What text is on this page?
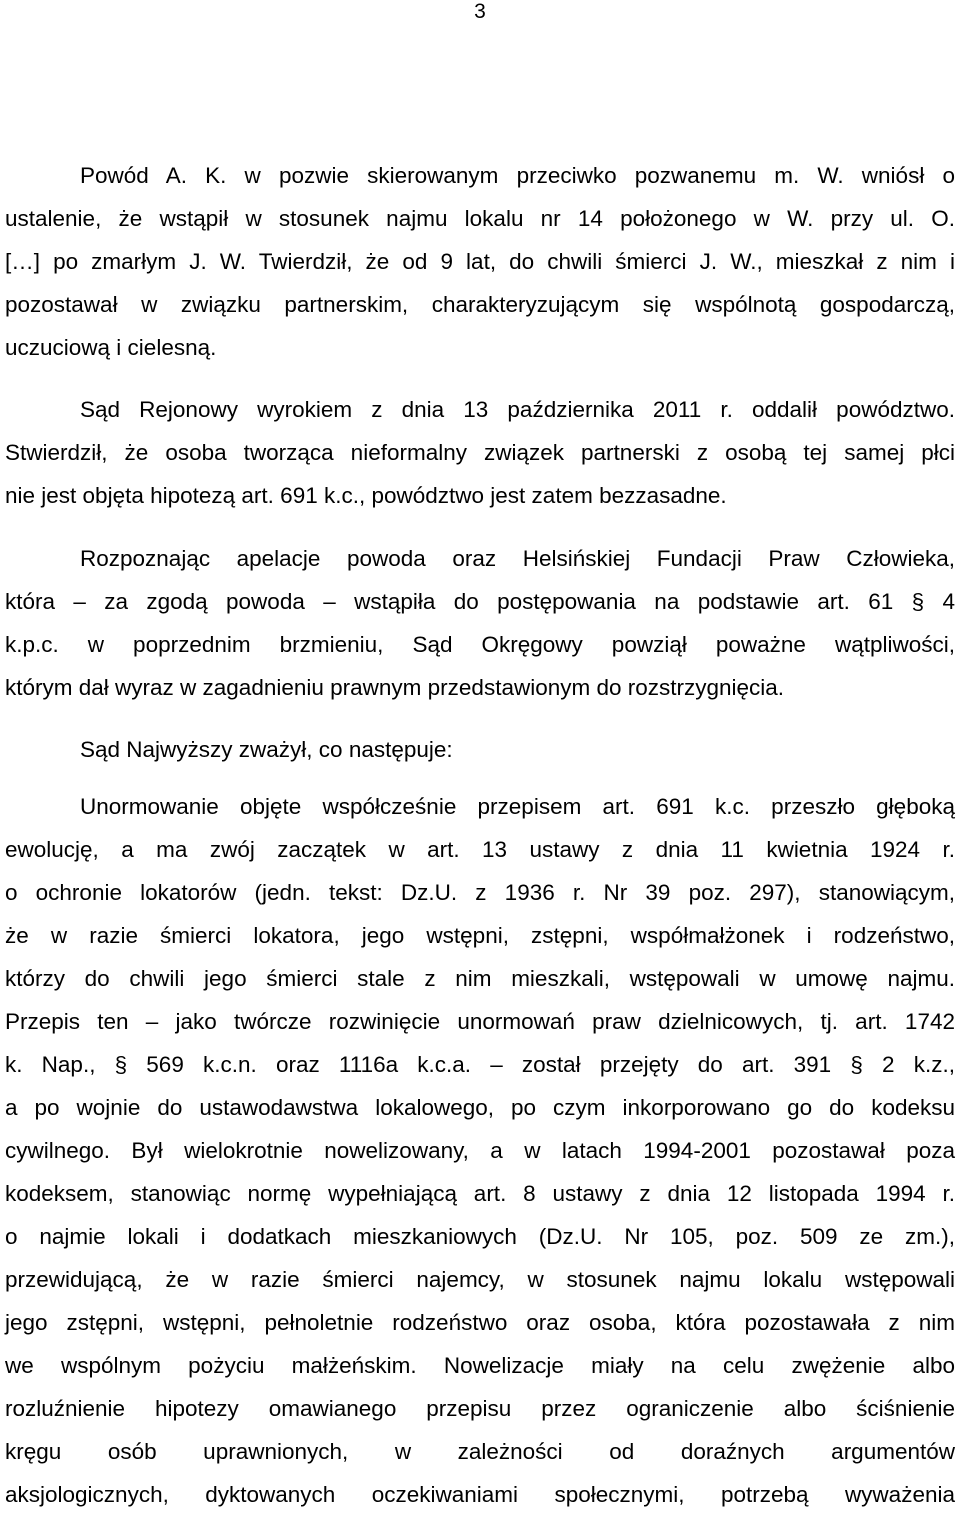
3
Powód A. K. w pozwie skierowanym przeciwko pozwanemu m. W. wniósł o
ustalenie, że wstąpił w stosunek najmu lokalu nr 14 położonego w W. przy ul. O.
[…] po zmarłym J. W. Twierdził, że od 9 lat, do chwili śmierci J. W., mieszkał z nim i
pozostawał w związku partnerskim, charakteryzującym się wspólnotą gospodarczą,
uczuciową i cielesną.
Sąd Rejonowy wyrokiem z dnia 13 października 2011 r. oddalił powództwo.
Stwierdził, że osoba tworząca nieformalny związek partnerski z osobą tej samej płci
nie jest objęta hipotezą art. 691 k.c., powództwo jest zatem bezzasadne.
Rozpoznając apelacje powoda oraz Helsińskiej Fundacji Praw Człowieka,
która – za zgodą powoda – wstąpiła do postępowania na podstawie art. 61 § 4
k.p.c. w poprzednim brzmieniu, Sąd Okręgowy powziął poważne wątpliwości,
którym dał wyraz w zagadnieniu prawnym przedstawionym do rozstrzygnięcia.
Sąd Najwyższy zważył, co następuje:
Unormowanie objęte współcześnie przepisem art. 691 k.c. przeszło głęboką
ewolucję, a ma zwój zaczątek w art. 13 ustawy z dnia 11 kwietnia 1924 r.
o ochronie lokatorów (jedn. tekst: Dz.U. z 1936 r. Nr 39 poz. 297), stanowiącym,
że w razie śmierci lokatora, jego wstępni, zstępni, współmałżonek i rodzeństwo,
którzy do chwili jego śmierci stale z nim mieszkali, wstępowali w umowę najmu.
Przepis ten – jako twórcze rozwinięcie unormowań praw dzielnicowych, tj. art. 1742
k. Nap., § 569 k.c.n. oraz 1116a k.c.a. – został przejęty do art. 391 § 2 k.z.,
a po wojnie do ustawodawstwa lokalowego, po czym inkorporowano go do kodeksu
cywilnego. Był wielokrotnie nowelizowany, a w latach 1994-2001 pozostawał poza
kodeksem, stanowiąc normę wypełniającą art. 8 ustawy z dnia 12 listopada 1994 r.
o najmie lokali i dodatkach mieszkaniowych (Dz.U. Nr 105, poz. 509 ze zm.),
przewidującą, że w razie śmierci najemcy, w stosunek najmu lokalu wstępowali
jego zstępni, wstępni, pełnoletnie rodzeństwo oraz osoba, która pozostawała z nim
we wspólnym pożyciu małżeńskim. Nowelizacje miały na celu zwężenie albo
rozluźnienie hipotezy omawianego przepisu przez ograniczenie albo ściśnienie
kręgu osób uprawnionych, w zależności od doraźnych argumentów
aksjologicznych, dyktowanych oczekiwaniami społecznymi, potrzebą wyważenia
